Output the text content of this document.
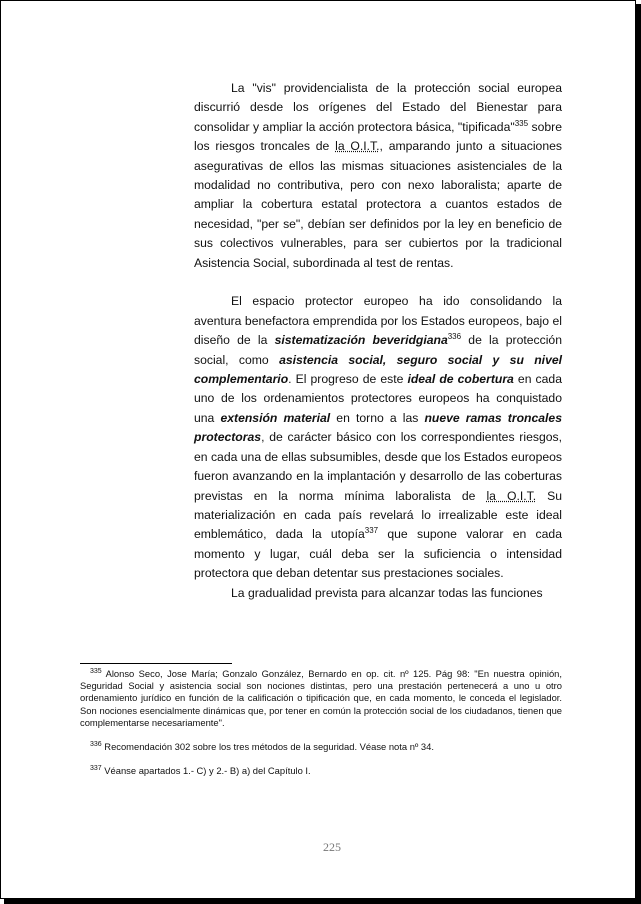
La "vis" providencialista de la protección social europea discurrió desde los orígenes del Estado del Bienestar para consolidar y ampliar la acción protectora básica, "tipificada"$^{335}$ sobre los riesgos troncales de la O.I.T., amparando junto a situaciones asegurativas de ellos las mismas situaciones asistenciales de la modalidad no contributiva, pero con nexo laboralista; aparte de ampliar la cobertura estatal protectora a cuantos estados de necesidad, "per se", debían ser definidos por la ley en beneficio de sus colectivos vulnerables, para ser cubiertos por la tradicional Asistencia Social, subordinada al test de rentas.

El espacio protector europeo ha ido consolidando la aventura benefactora emprendida por los Estados europeos, bajo el diseño de la sistematización beveridgiana$^{336}$ de la protección social, como asistencia social, seguro social y su nivel complementario. El progreso de este ideal de cobertura en cada uno de los ordenamientos protectores europeos ha conquistado una extensión material en torno a las nueve ramas troncales protectoras, de carácter básico con los correspondientes riesgos, en cada una de ellas subsumibles, desde que los Estados europeos fueron avanzando en la implantación y desarrollo de las coberturas previstas en la norma mínima laboralista de la O.I.T. Su materialización en cada país revelará lo irrealizable este ideal emblemático, dada la utopía$^{337}$ que supone valorar en cada momento y lugar, cuál deba ser la suficiencia o intensidad protectora que deban detentar sus prestaciones sociales.

La gradualidad prevista para alcanzar todas las funciones

$^{335}$ Alonso Seco, Jose María; Gonzalo González, Bernardo en op. cit. nº 125. Pág 98: "En nuestra opinión, Seguridad Social y asistencia social son nociones distintas, pero una prestación pertenecerá a uno u otro ordenamiento jurídico en función de la calificación o tipificación que, en cada momento, le conceda el legislador. Son nociones esencialmente dinámicas que, por tener en común la protección social de los ciudadanos, tienen que complementarse necesariamente".

$^{336}$ Recomendación 302 sobre los tres métodos de la seguridad. Véase nota nº 34.

$^{337}$ Véanse apartados 1.- C) y 2.- B) a) del Capítulo I.

225
